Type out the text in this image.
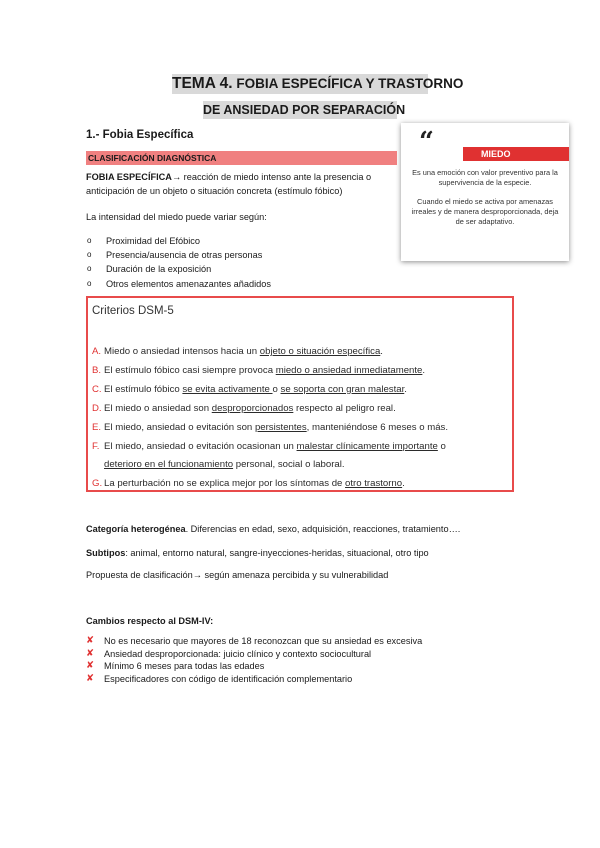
TEMA 4. FOBIA ESPECÍFICA Y TRASTORNO
DE ANSIEDAD POR SEPARACIÓN
1.- Fobia Específica	“	MIEDO
Es una emoción con valor preventivo para la supervivencia de la especie.
Cuando el miedo se activa por amenazas irreales y de manera desproporcionada, deja de ser adaptativo.
CLASIFICACIÓN DIAGNÓSTICA
FOBIA ESPECÍFICA→ reacción de miedo intenso ante la presencia o anticipación de un objeto o situación concreta (estímulo fóbico)
La intensidad del miedo puede variar según:
o Proximidad del Efóbico
o Presencia/ausencia de otras personas
o Duración de la exposición
o Otros elementos amenazantes añadidos
Criterios DSM-5
A. Miedo o ansiedad intensos hacia un objeto o situación específica.
B. El estímulo fóbico casi siempre provoca miedo o ansiedad inmediatamente.
C. El estímulo fóbico se evita activamente o se soporta con gran malestar.
D. El miedo o ansiedad son desproporcionados respecto al peligro real.
E. El miedo, ansiedad o evitación son persistentes, manteniéndose 6 meses o más.
F. El miedo, ansiedad o evitación ocasionan un malestar clínicamente importante o
deterioro en el funcionamiento personal, social o laboral.
G. La perturbación no se explica mejor por los síntomas de otro trastorno.
Categoría heterogénea. Diferencias en edad, sexo, adquisición, reacciones, tratamiento….
Subtipos: animal, entorno natural, sangre-inyecciones-heridas, situacional, otro tipo
Propuesta de clasificación→ según amenaza percibida y su vulnerabilidad
Cambios respecto al DSM-IV:
✘ No es necesario que mayores de 18 reconozcan que su ansiedad es excesiva
✘ Ansiedad desproporcionada: juicio clínico y contexto sociocultural
✘ Mínimo 6 meses para todas las edades
✘ Especificadores con código de identificación complementario
